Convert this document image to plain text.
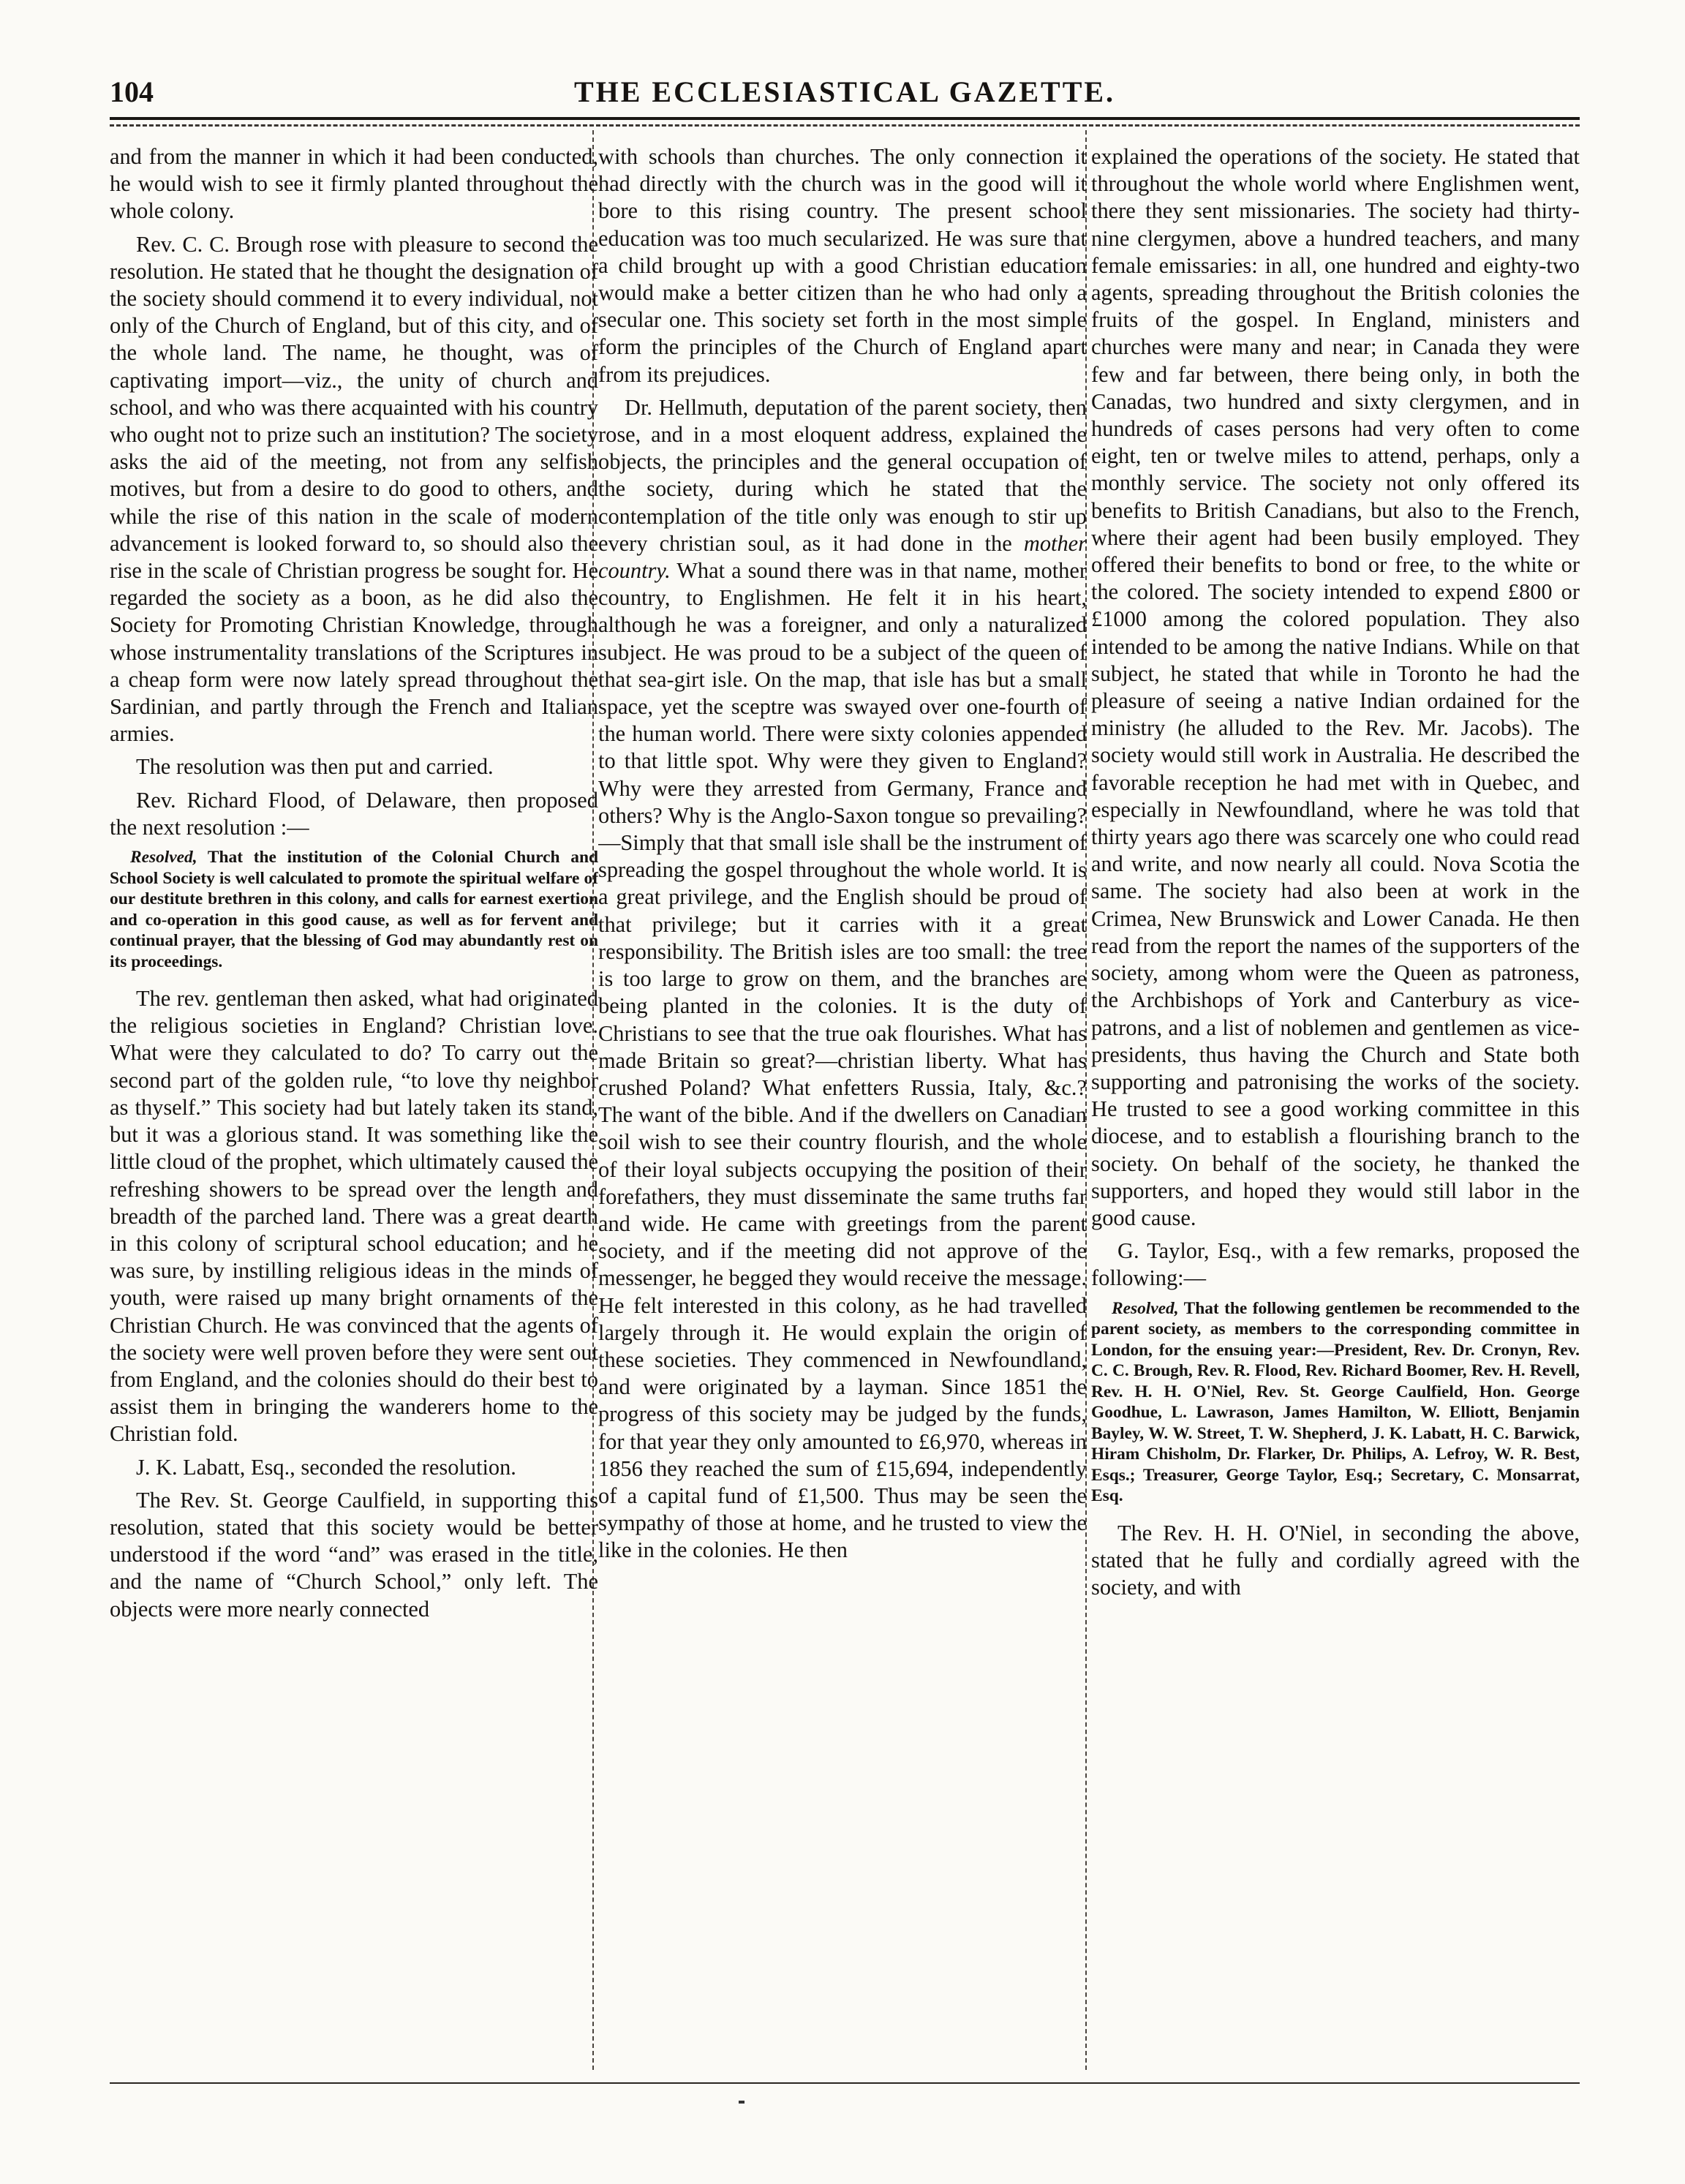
104	THE ECCLESIASTICAL GAZETTE.

and from the manner in which it had been conducted, he would wish to see it firmly planted throughout the whole colony.

Rev. C. C. Brough rose with pleasure to second the resolution. He stated that he thought the designation of the society should commend it to every individual, not only of the Church of England, but of this city, and of the whole land. The name, he thought, was of captivating import—viz., the unity of church and school, and who was there acquainted with his country who ought not to prize such an institution? The society asks the aid of the meeting, not from any selfish motives, but from a desire to do good to others, and while the rise of this nation in the scale of modern advancement is looked forward to, so should also the rise in the scale of Christian progress be sought for. He regarded the society as a boon, as he did also the Society for Promoting Christian Knowledge, through whose instrumentality translations of the Scriptures in a cheap form were now lately spread throughout the Sardinian, and partly through the French and Italian armies.

The resolution was then put and carried.

Rev. Richard Flood, of Delaware, then proposed the next resolution :—

Resolved, That the institution of the Colonial Church and School Society is well calculated to promote the spiritual welfare of our destitute brethren in this colony, and calls for earnest exertion and co-operation in this good cause, as well as for fervent and continual prayer, that the blessing of God may abundantly rest on its proceedings.

The rev. gentleman then asked, what had originated the religious societies in England? Christian love. What were they calculated to do? To carry out the second part of the golden rule, “to love thy neighbor as thyself.” This society had but lately taken its stand, but it was a glorious stand. It was something like the little cloud of the prophet, which ultimately caused the refreshing showers to be spread over the length and breadth of the parched land. There was a great dearth in this colony of scriptural school education; and he was sure, by instilling religious ideas in the minds of youth, were raised up many bright ornaments of the Christian Church. He was convinced that the agents of the society were well proven before they were sent out from England, and the colonies should do their best to assist them in bringing the wanderers home to the Christian fold.

J. K. Labatt, Esq., seconded the resolution.

The Rev. St. George Caulfield, in supporting this resolution, stated that this society would be better understood if the word “and” was erased in the title, and the name of “Church School,” only left. The objects were more nearly connected

with schools than churches. The only connection it had directly with the church was in the good will it bore to this rising country. The present school education was too much secularized. He was sure that a child brought up with a good Christian education would make a better citizen than he who had only a secular one. This society set forth in the most simple form the principles of the Church of England apart from its prejudices.

Dr. Hellmuth, deputation of the parent society, then rose, and in a most eloquent address, explained the objects, the principles and the general occupation of the society, during which he stated that the contemplation of the title only was enough to stir up every christian soul, as it had done in the mother country. What a sound there was in that name, mother country, to Englishmen. He felt it in his heart, although he was a foreigner, and only a naturalized subject. He was proud to be a subject of the queen of that sea-girt isle. On the map, that isle has but a small space, yet the sceptre was swayed over one-fourth of the human world. There were sixty colonies appended to that little spot. Why were they given to England? Why were they arrested from Germany, France and others? Why is the Anglo-Saxon tongue so prevailing?—Simply that that small isle shall be the instrument of spreading the gospel throughout the whole world. It is a great privilege, and the English should be proud of that privilege; but it carries with it a great responsibility. The British isles are too small: the tree is too large to grow on them, and the branches are being planted in the colonies. It is the duty of Christians to see that the true oak flourishes. What has made Britain so great?—christian liberty. What has crushed Poland? What enfetters Russia, Italy, &c.? The want of the bible. And if the dwellers on Canadian soil wish to see their country flourish, and the whole of their loyal subjects occupying the position of their forefathers, they must disseminate the same truths far and wide. He came with greetings from the parent society, and if the meeting did not approve of the messenger, he begged they would receive the message. He felt interested in this colony, as he had travelled largely through it. He would explain the origin of these societies. They commenced in Newfoundland, and were originated by a layman. Since 1851 the progress of this society may be judged by the funds, for that year they only amounted to £6,970, whereas in 1856 they reached the sum of £15,694, independently of a capital fund of £1,500. Thus may be seen the sympathy of those at home, and he trusted to view the like in the colonies. He then

explained the operations of the society. He stated that throughout the whole world where Englishmen went, there they sent missionaries. The society had thirty-nine clergymen, above a hundred teachers, and many female emissaries: in all, one hundred and eighty-two agents, spreading throughout the British colonies the fruits of the gospel. In England, ministers and churches were many and near; in Canada they were few and far between, there being only, in both the Canadas, two hundred and sixty clergymen, and in hundreds of cases persons had very often to come eight, ten or twelve miles to attend, perhaps, only a monthly service. The society not only offered its benefits to British Canadians, but also to the French, where their agent had been busily employed. They offered their benefits to bond or free, to the white or the colored. The society intended to expend £800 or £1000 among the colored population. They also intended to be among the native Indians. While on that subject, he stated that while in Toronto he had the pleasure of seeing a native Indian ordained for the ministry (he alluded to the Rev. Mr. Jacobs). The society would still work in Australia. He described the favorable reception he had met with in Quebec, and especially in Newfoundland, where he was told that thirty years ago there was scarcely one who could read and write, and now nearly all could. Nova Scotia the same. The society had also been at work in the Crimea, New Brunswick and Lower Canada. He then read from the report the names of the supporters of the society, among whom were the Queen as patroness, the Archbishops of York and Canterbury as vice-patrons, and a list of noblemen and gentlemen as vice-presidents, thus having the Church and State both supporting and patronising the works of the society. He trusted to see a good working committee in this diocese, and to establish a flourishing branch to the society. On behalf of the society, he thanked the supporters, and hoped they would still labor in the good cause.

G. Taylor, Esq., with a few remarks, proposed the following:—

Resolved, That the following gentlemen be recommended to the parent society, as members to the corresponding committee in London, for the ensuing year:—President, Rev. Dr. Cronyn, Rev. C. C. Brough, Rev. R. Flood, Rev. Richard Boomer, Rev. H. Revell, Rev. H. H. O'Niel, Rev. St. George Caulfield, Hon. George Goodhue, L. Lawrason, James Hamilton, W. Elliott, Benjamin Bayley, W. W. Street, T. W. Shepherd, J. K. Labatt, H. C. Barwick, Hiram Chisholm, Dr. Flarker, Dr. Philips, A. Lefroy, W. R. Best, Esqs.; Treasurer, George Taylor, Esq.; Secretary, C. Monsarrat, Esq.

The Rev. H. H. O'Niel, in seconding the above, stated that he fully and cordially agreed with the society, and with
